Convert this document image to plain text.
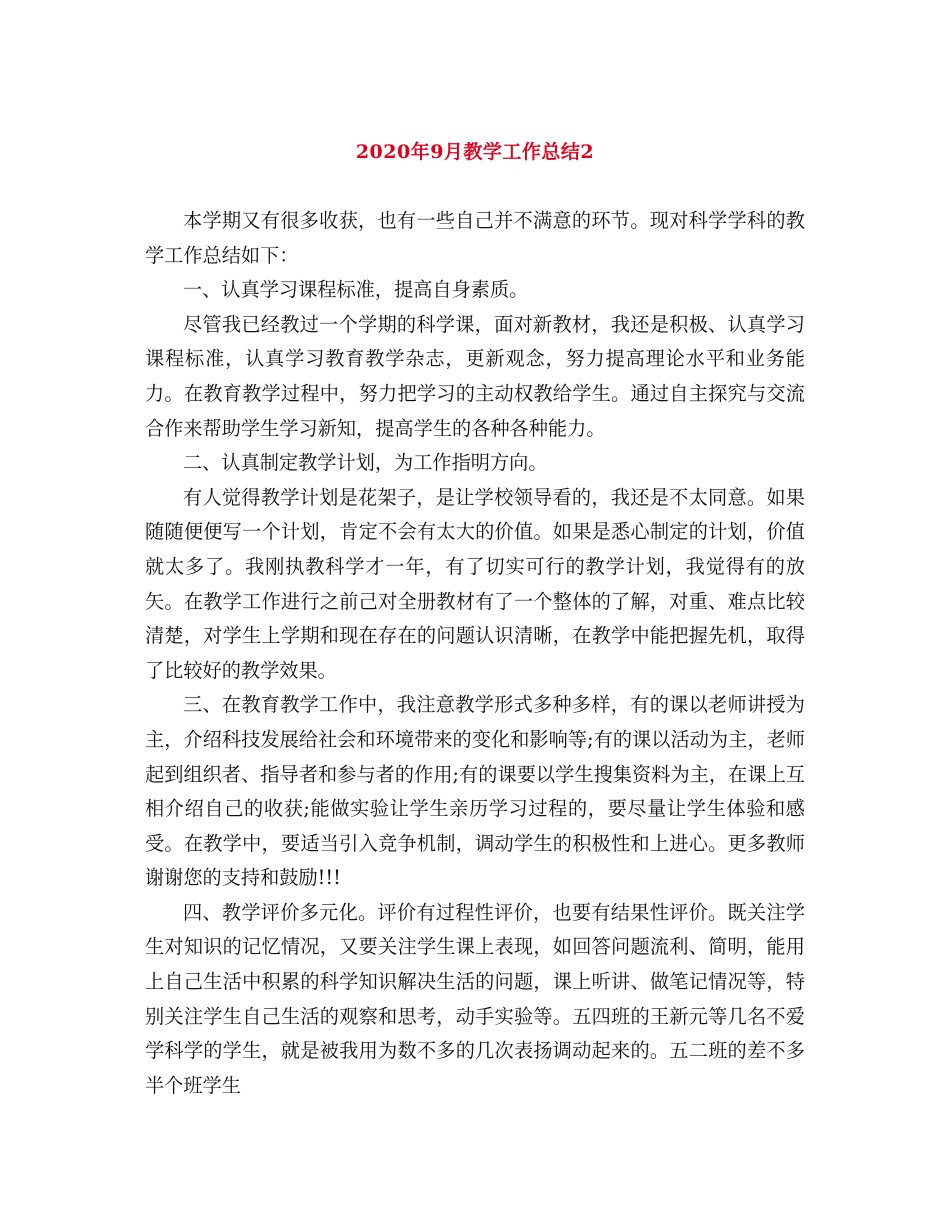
2020年9月教学工作总结2

本学期又有很多收获，也有一些自己并不满意的环节。现对科学学科的教学工作总结如下：

一、认真学习课程标准，提高自身素质。

尽管我已经教过一个学期的科学课，面对新教材，我还是积极、认真学习课程标准，认真学习教育教学杂志，更新观念，努力提高理论水平和业务能力。在教育教学过程中，努力把学习的主动权教给学生。通过自主探究与交流合作来帮助学生学习新知，提高学生的各种各种能力。

二、认真制定教学计划，为工作指明方向。

有人觉得教学计划是花架子，是让学校领导看的，我还是不太同意。如果随随便便写一个计划，肯定不会有太大的价值。如果是悉心制定的计划，价值就太多了。我刚执教科学才一年，有了切实可行的教学计划，我觉得有的放矢。在教学工作进行之前己对全册教材有了一个整体的了解，对重、难点比较清楚，对学生上学期和现在存在的问题认识清晰，在教学中能把握先机，取得了比较好的教学效果。

三、在教育教学工作中，我注意教学形式多种多样，有的课以老师讲授为主，介绍科技发展给社会和环境带来的变化和影响等;有的课以活动为主，老师起到组织者、指导者和参与者的作用;有的课要以学生搜集资料为主，在课上互相介绍自己的收获;能做实验让学生亲历学习过程的，要尽量让学生体验和感受。在教学中，要适当引入竞争机制，调动学生的积极性和上进心。更多教师谢谢您的支持和鼓励!!!

四、教学评价多元化。评价有过程性评价，也要有结果性评价。既关注学生对知识的记忆情况，又要关注学生课上表现，如回答问题流利、简明，能用上自己生活中积累的科学知识解决生活的问题，课上听讲、做笔记情况等，特别关注学生自己生活的观察和思考，动手实验等。五四班的王新元等几名不爱学科学的学生，就是被我用为数不多的几次表扬调动起来的。五二班的差不多半个班学生
